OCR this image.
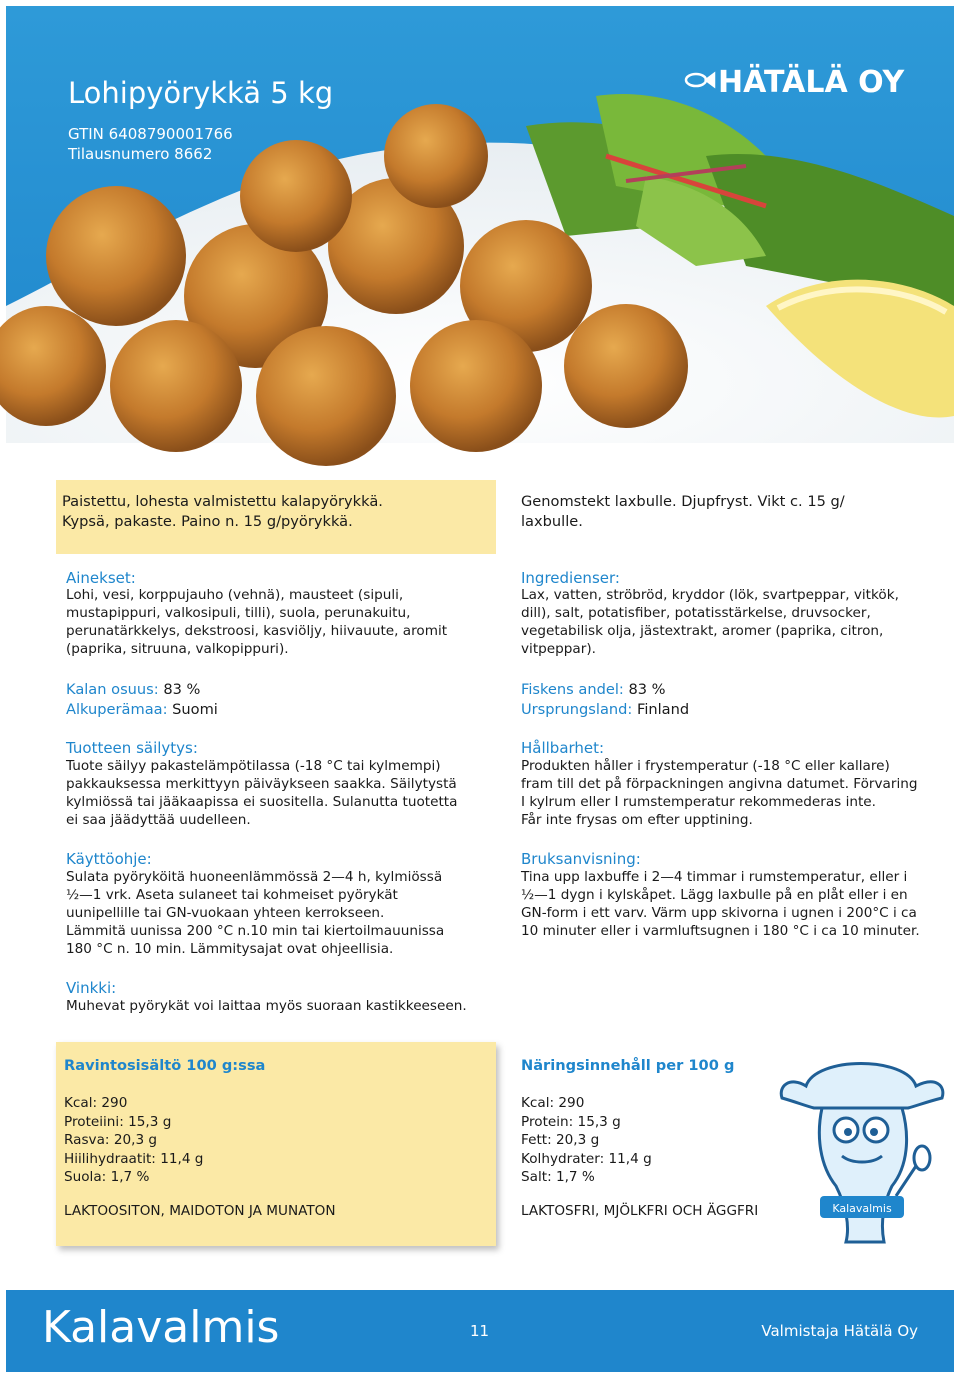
Lohipyörykkä 5 kg
GTIN 6408790001766
Tilausnumero 8662
HÄTÄLÄ OY
Paistettu, lohesta valmistettu kalapyörykkä.
Kypsä, pakaste. Paino n. 15 g/pyörykkä.
Ainekset:
Lohi, vesi, korppujauho (vehnä), mausteet (sipuli,
mustapippuri, valkosipuli, tilli), suola, perunakuitu,
perunatärkkelys, dekstroosi, kasviöljy, hiivauute, aromit
(paprika, sitruuna, valkopippuri).
Kalan osuus: 83 %
Alkuperämaa: Suomi
Tuotteen säilytys:
Tuote säilyy pakastelämpötilassa (-18 °C tai kylmempi)
pakkauksessa merkittyyn päiväykseen saakka. Säilytystä
kylmiössä tai jääkaapissa ei suositella. Sulanutta tuotetta
ei saa jäädyttää uudelleen.
Käyttöohje:
Sulata pyöryköitä huoneenlämmössä 2—4 h, kylmiössä
½—1 vrk. Aseta sulaneet tai kohmeiset pyörykät
uunipellille tai GN-vuokaan yhteen kerrokseen.
Lämmitä uunissa 200 °C n.10 min tai kiertoilmauunissa
180 °C n. 10 min. Lämmitysajat ovat ohjeellisia.
Vinkki:
Muhevat pyörykät voi laittaa myös suoraan kastikkeeseen.
Ravintosisältö 100 g:ssa
Kcal: 290
Proteiini: 15,3 g
Rasva: 20,3 g
Hiilihydraatit: 11,4 g
Suola: 1,7 %
LAKTOOSITON, MAIDOTON JA MUNATON
Genomstekt laxbulle. Djupfryst. Vikt c. 15 g/
laxbulle.
Ingredienser:
Lax, vatten, ströbröd, kryddor (lök, svartpeppar, vitkök,
dill), salt, potatisfiber, potatisstärkelse, druvsocker,
vegetabilisk olja, jästextrakt, aromer (paprika, citron,
vitpeppar).
Fiskens andel: 83 %
Ursprungsland: Finland
Hållbarhet:
Produkten håller i frystemperatur (-18 °C eller kallare)
fram till det på förpackningen angivna datumet. Förvaring
I kylrum eller I rumstemperatur rekommederas inte.
Får inte frysas om efter upptining.
Bruksanvisning:
Tina upp laxbuffe i 2—4 timmar i rumstemperatur, eller i
½—1 dygn i kylskåpet. Lägg laxbulle på en plåt eller i en
GN-form i ett varv. Värm upp skivorna i ugnen i 200°C i ca
10 minuter eller i varmluftsugnen i 180 °C i ca 10 minuter.
Näringsinnehåll per 100 g
Kcal: 290
Protein: 15,3 g
Fett: 20,3 g
Kolhydrater: 11,4 g
Salt: 1,7 %
LAKTOSFRI, MJÖLKFRI OCH ÄGGFRI	Kalavalmis
Kalavalmis	11	Valmistaja Hätälä Oy
